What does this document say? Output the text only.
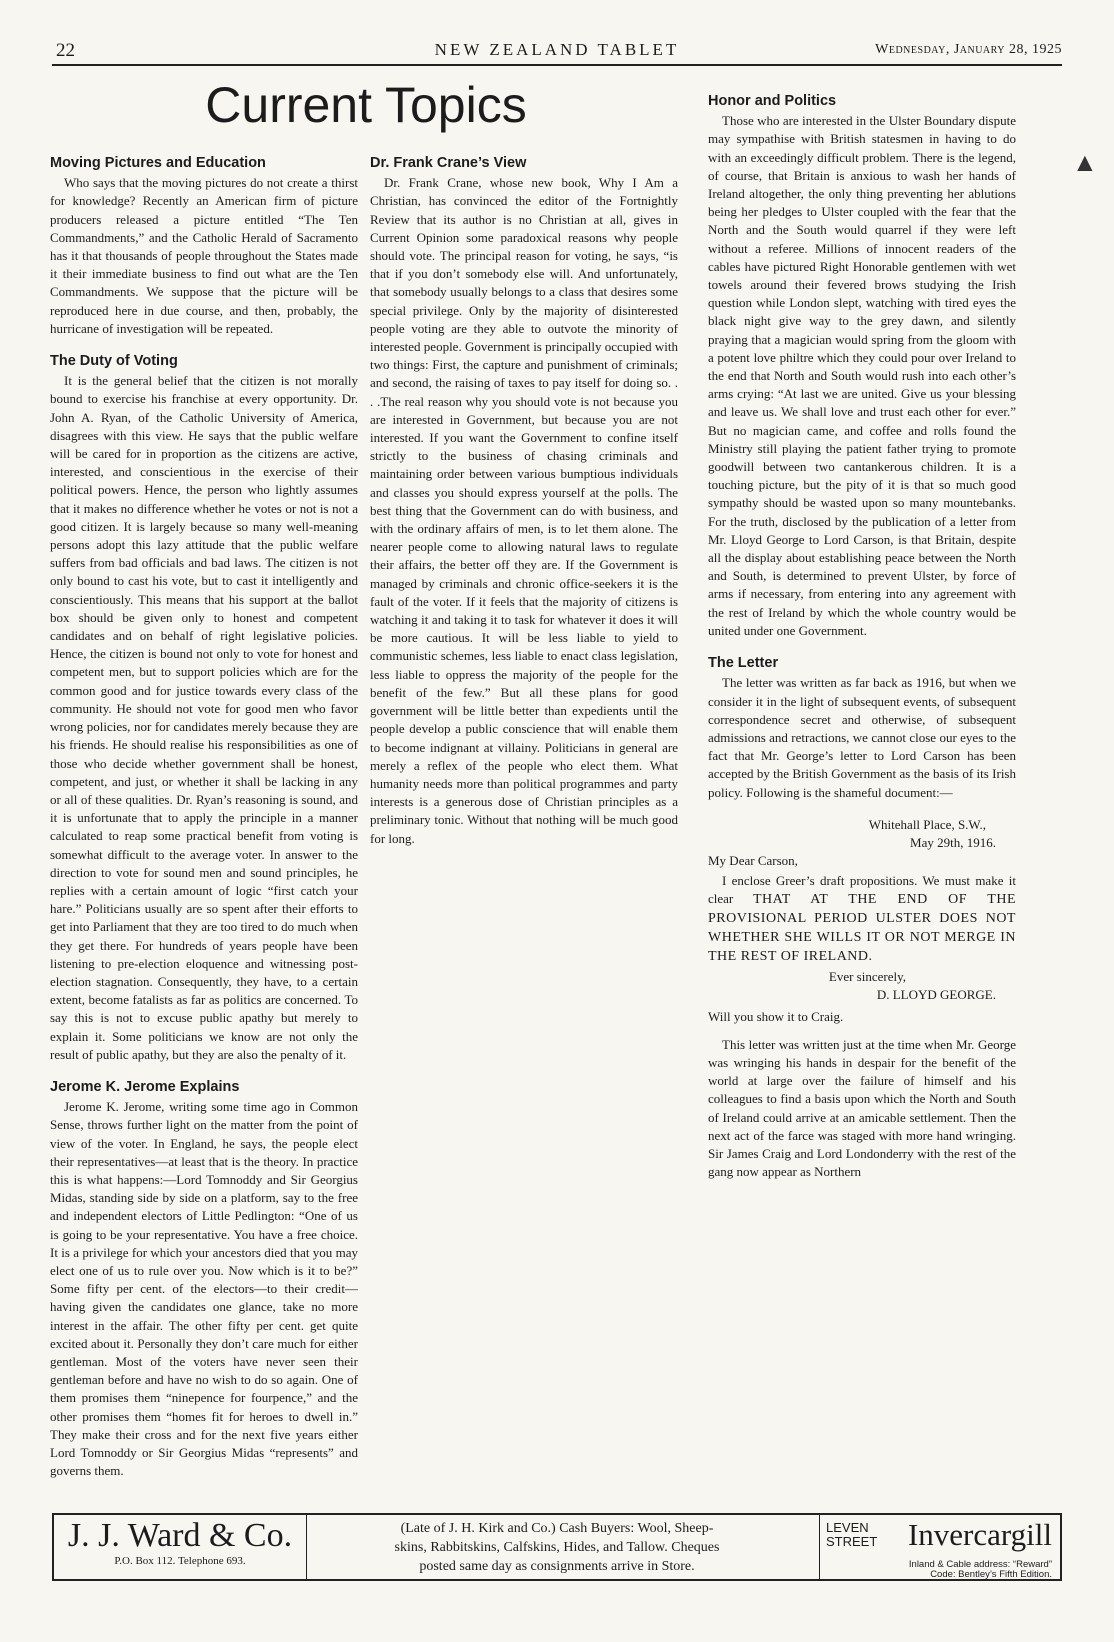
22	NEW ZEALAND TABLET	Wednesday, January 28, 1925
Current Topics
Moving Pictures and Education

Who says that the moving pictures do not create a thirst for knowledge? Recently an American firm of picture producers released a picture entitled “The Ten Commandments,” and the Catholic Herald of Sacramento has it that thousands of people throughout the States made it their immediate business to find out what are the Ten Commandments. We suppose that the picture will be reproduced here in due course, and then, probably, the hurricane of investigation will be repeated.

The Duty of Voting

It is the general belief that the citizen is not morally bound to exercise his franchise at every opportunity. Dr. John A. Ryan, of the Catholic University of America, disagrees with this view. He says that the public welfare will be cared for in proportion as the citizens are active, interested, and conscientious in the exercise of their political powers. Hence, the person who lightly assumes that it makes no difference whether he votes or not is not a good citizen. It is largely because so many well-meaning persons adopt this lazy attitude that the public welfare suffers from bad officials and bad laws. The citizen is not only bound to cast his vote, but to cast it intelligently and conscientiously. This means that his support at the ballot box should be given only to honest and competent candidates and on behalf of right legislative policies. Hence, the citizen is bound not only to vote for honest and competent men, but to support policies which are for the common good and for justice towards every class of the community. He should not vote for good men who favor wrong policies, nor for candidates merely because they are his friends. He should realise his responsibilities as one of those who decide whether government shall be honest, competent, and just, or whether it shall be lacking in any or all of these qualities. Dr. Ryan’s reasoning is sound, and it is unfortunate that to apply the principle in a manner calculated to reap some practical benefit from voting is somewhat difficult to the average voter. In answer to the direction to vote for sound men and sound principles, he replies with a certain amount of logic “first catch your hare.” Politicians usually are so spent after their efforts to get into Parliament that they are too tired to do much when they get there. For hundreds of years people have been listening to pre-election eloquence and witnessing post-election stagnation. Consequently, they have, to a certain extent, become fatalists as far as politics are concerned. To say this is not to excuse public apathy but merely to explain it. Some politicians we know are not only the result of public apathy, but they are also the penalty of it.

Jerome K. Jerome Explains

Jerome K. Jerome, writing some time ago in Common Sense, throws further light on the matter from the point of view of the voter. In England, he says, the people elect their representatives—at least that is the theory. In practice this is what happens:—Lord Tomnoddy and Sir Georgius Midas, standing side by side on a platform, say to the free and independent electors of Little Pedlington: “One of us is going to be your representative. You have a free choice. It is a privilege for which your ancestors died that you may elect one of us to rule over you. Now which is it to be?” Some fifty per cent. of the electors—to their credit—having given the candidates one glance, take no more interest in the affair. The other fifty per cent. get quite excited about it. Personally they don’t care much for either gentleman. Most of the voters have never seen their gentleman before and have no wish to do so again. One of them promises them “ninepence for fourpence,” and the other promises them “homes fit for heroes to dwell in.” They make their cross and for the next five years either Lord Tomnoddy or Sir Georgius Midas “represents” and governs them.

Dr. Frank Crane’s View

Dr. Frank Crane, whose new book, Why I Am a Christian, has convinced the editor of the Fortnightly Review that its author is no Christian at all, gives in Current Opinion some paradoxical reasons why people should vote. The principal reason for voting, he says, “is that if you don’t somebody else will. And unfortunately, that somebody usually belongs to a class that desires some special privilege. Only by the majority of disinterested people voting are they able to outvote the minority of interested people. Government is principally occupied with two things: First, the capture and punishment of criminals; and second, the raising of taxes to pay itself for doing so. . . .The real reason why you should vote is not because you are interested in Government, but because you are not interested. If you want the Government to confine itself strictly to the business of chasing criminals and maintaining order between various bumptious individuals and classes you should express yourself at the polls. The best thing that the Government can do with business, and with the ordinary affairs of men, is to let them alone. The nearer people come to allowing natural laws to regulate their affairs, the better off they are. If the Government is managed by criminals and chronic office-seekers it is the fault of the voter. If it feels that the majority of citizens is watching it and taking it to task for whatever it does it will be more cautious. It will be less liable to yield to communistic schemes, less liable to enact class legislation, less liable to oppress the majority of the people for the benefit of the few.” But all these plans for good government will be little better than expedients until the people develop a public conscience that will enable them to become indignant at villainy. Politicians in general are merely a reflex of the people who elect them. What humanity needs more than political programmes and party interests is a generous dose of Christian principles as a preliminary tonic. Without that nothing will be much good for long.

Honor and Politics

Those who are interested in the Ulster Boundary dispute may sympathise with British statesmen in having to do with an exceedingly difficult problem. There is the legend, of course, that Britain is anxious to wash her hands of Ireland altogether, the only thing preventing her ablutions being her pledges to Ulster coupled with the fear that the North and the South would quarrel if they were left without a referee. Millions of innocent readers of the cables have pictured Right Honorable gentlemen with wet towels around their fevered brows studying the Irish question while London slept, watching with tired eyes the black night give way to the grey dawn, and silently praying that a magician would spring from the gloom with a potent love philtre which they could pour over Ireland to the end that North and South would rush into each other’s arms crying: “At last we are united. Give us your blessing and leave us. We shall love and trust each other for ever.” But no magician came, and coffee and rolls found the Ministry still playing the patient father trying to promote goodwill between two cantankerous children. It is a touching picture, but the pity of it is that so much good sympathy should be wasted upon so many mountebanks. For the truth, disclosed by the publication of a letter from Mr. Lloyd George to Lord Carson, is that Britain, despite all the display about establishing peace between the North and South, is determined to prevent Ulster, by force of arms if necessary, from entering into any agreement with the rest of Ireland by which the whole country would be united under one Government.

The Letter

The letter was written as far back as 1916, but when we consider it in the light of subsequent events, of subsequent correspondence secret and otherwise, of subsequent admissions and retractions, we cannot close our eyes to the fact that Mr. George’s letter to Lord Carson has been accepted by the British Government as the basis of its Irish policy. Following is the shameful document:—

Whitehall Place, S.W.,
May 29th, 1916.
My Dear Carson,
I enclose Greer’s draft propositions. We must make it clear THAT AT THE END OF THE PROVISIONAL PERIOD ULSTER DOES NOT WHETHER SHE WILLS IT OR NOT MERGE IN THE REST OF IRELAND.
Ever sincerely,
D. LLOYD GEORGE.
Will you show it to Craig.

This letter was written just at the time when Mr. George was wringing his hands in despair for the benefit of the world at large over the failure of himself and his colleagues to find a basis upon which the North and South of Ireland could arrive at an amicable settlement. Then the next act of the farce was staged with more hand wringing. Sir James Craig and Lord Londonderry with the rest of the gang now appear as Northern

▲
J. J. Ward & Co.
P.O. Box 112. Telephone 693.
(Late of J. H. Kirk and Co.) Cash Buyers: Wool, Sheep-
skins, Rabbitskins, Calfskins, Hides, and Tallow. Cheques
posted same day as consignments arrive in Store.
LEVEN STREET Invercargill
Inland & Cable address: “Reward”
Code: Bentley’s Fifth Edition.
